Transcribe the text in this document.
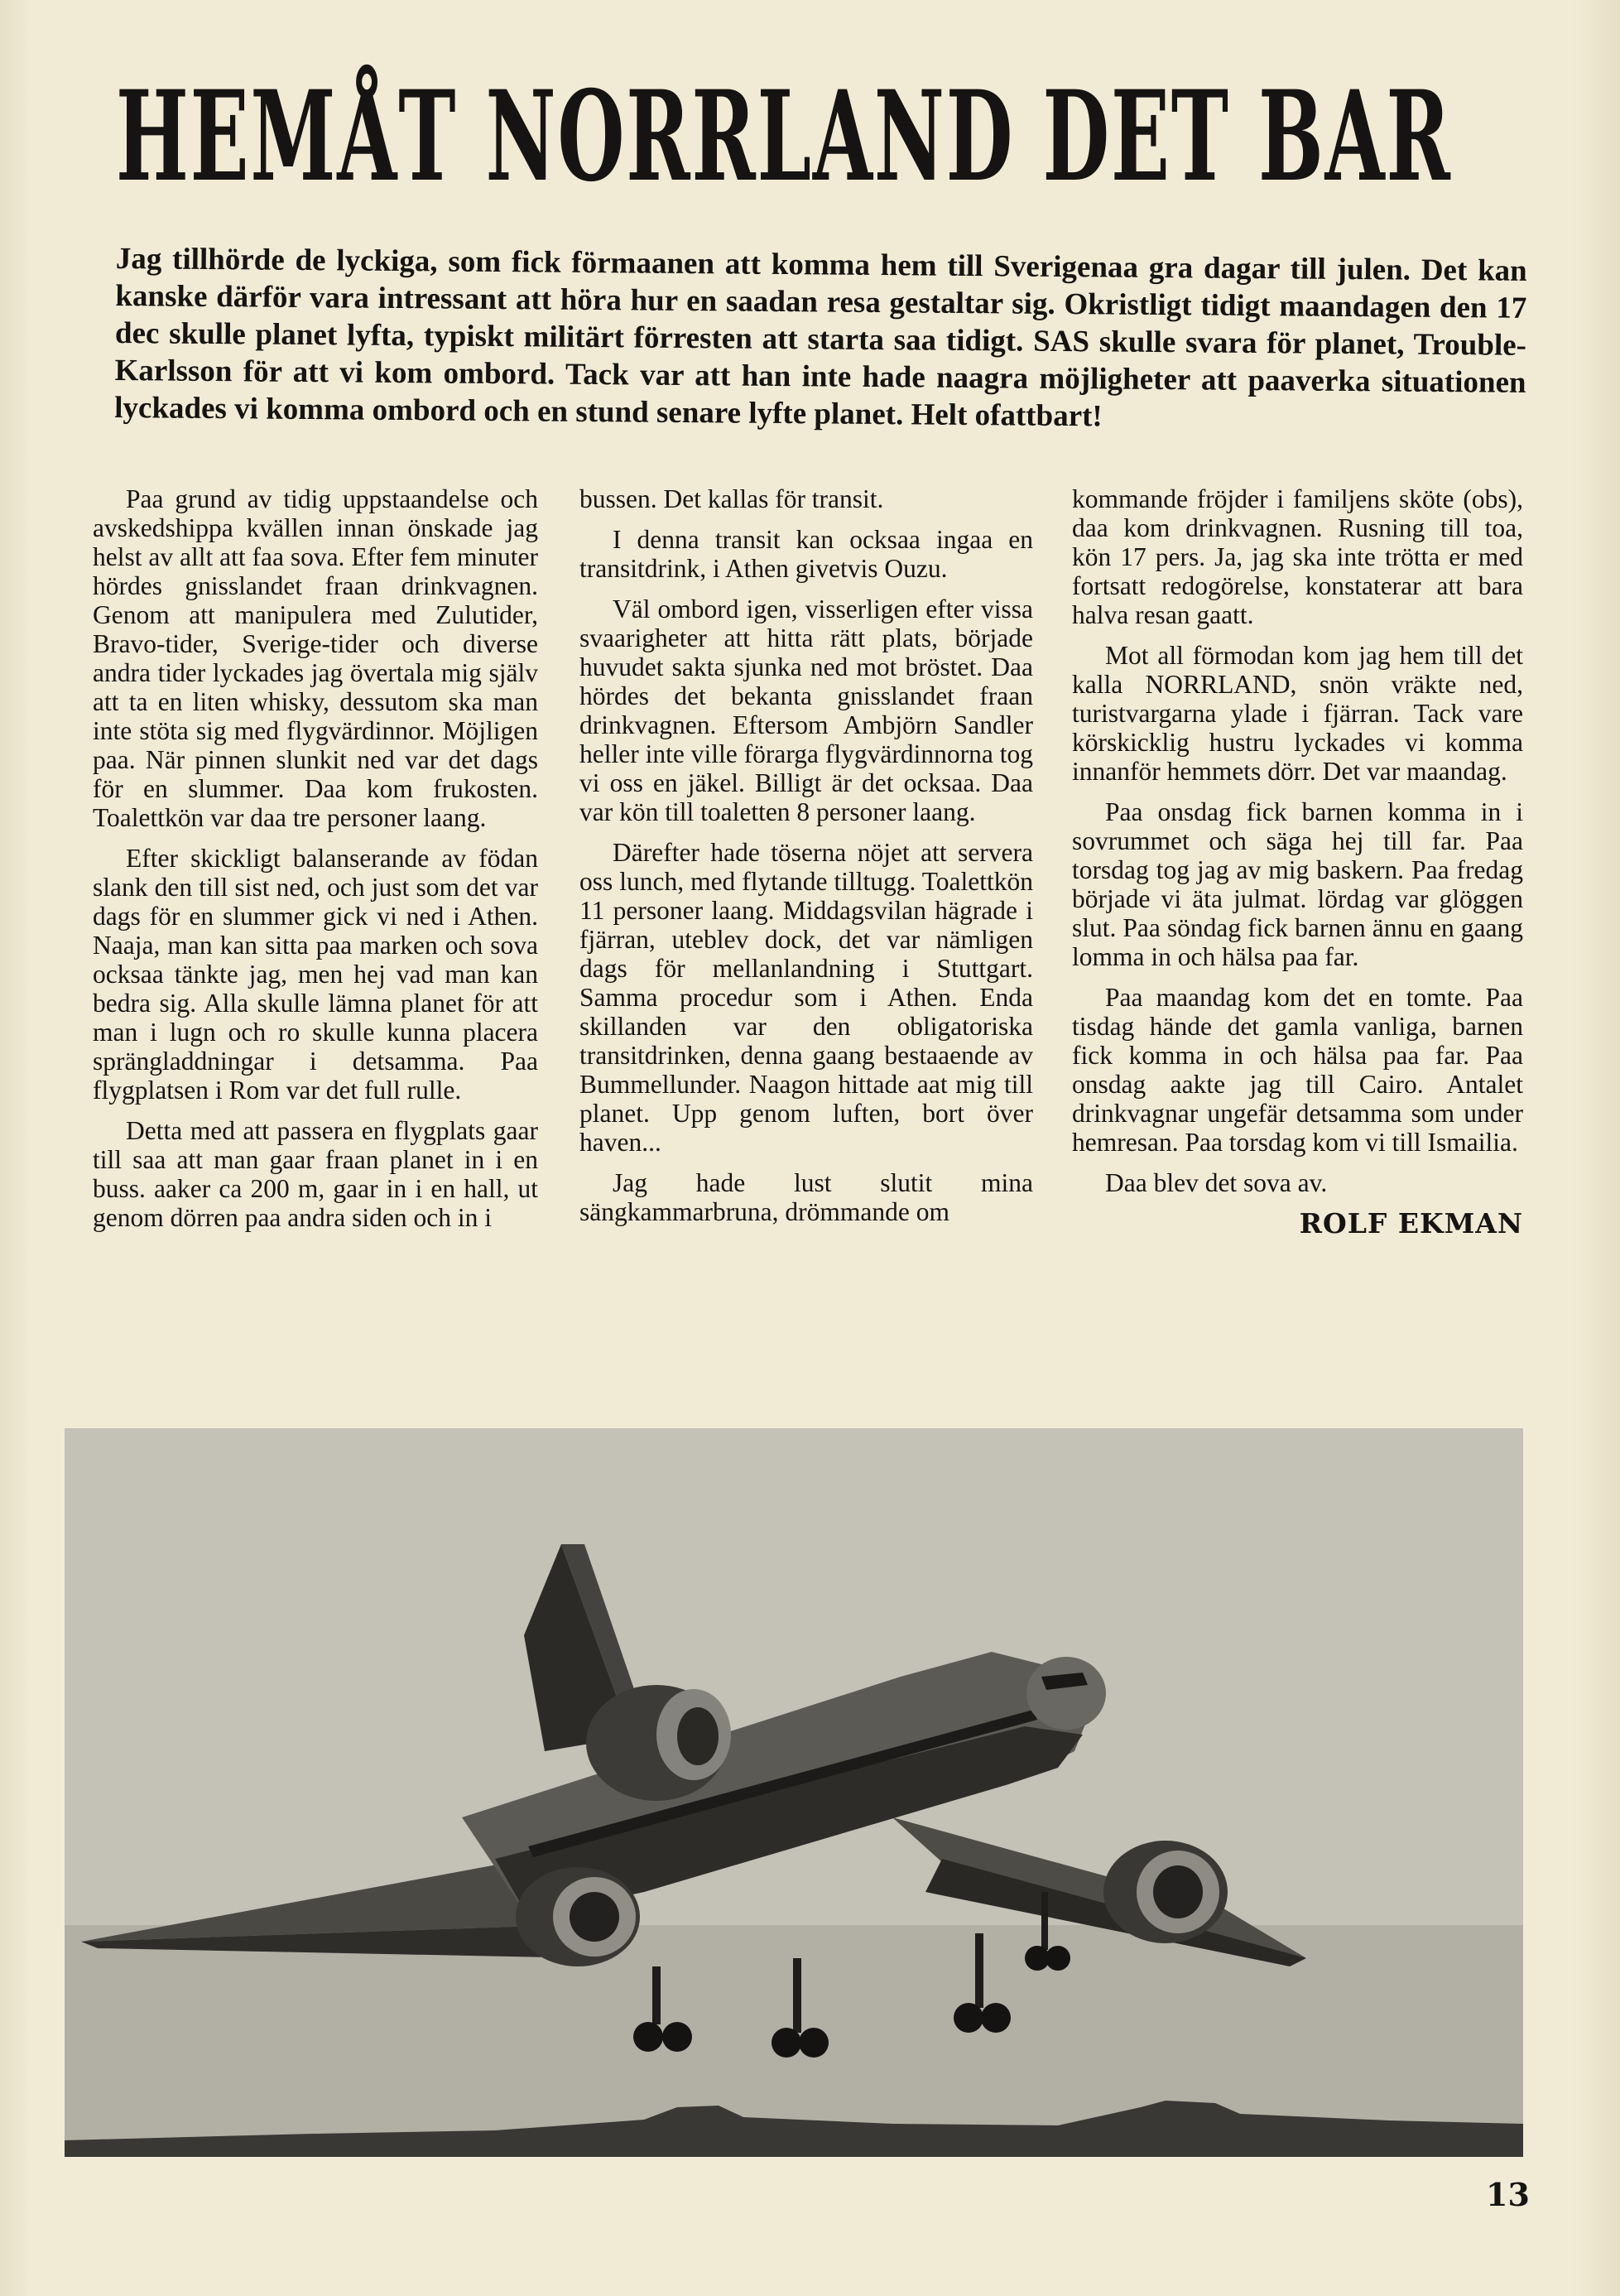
HEMÅT NORRLAND DET BAR

Jag tillhörde de lyckiga, som fick förmaanen att komma hem till Sverigenaa gra dagar till julen. Det kan kanske därför vara intressant att höra hur en saadan resa gestaltar sig. Okristligt tidigt maandagen den 17 dec skulle planet lyfta, typiskt militärt förresten att starta saa tidigt. SAS skulle svara för planet, Trouble-Karlsson för att vi kom ombord. Tack var att han inte hade naagra möjligheter att paaverka situationen lyckades vi komma ombord och en stund senare lyfte planet. Helt ofattbart!

Paa grund av tidig uppstaandelse och avskedshippa kvällen innan önskade jag helst av allt att faa sova. Efter fem minuter hördes gnisslandet fraan drinkvagnen. Genom att manipulera med Zulutider, Bravo-tider, Sverige-tider och diverse andra tider lyckades jag övertala mig själv att ta en liten whisky, dessutom ska man inte stöta sig med flygvärdinnor. Möjligen paa. När pinnen slunkit ned var det dags för en slummer. Daa kom frukosten. Toalettkön var daa tre personer laang.

Efter skickligt balanserande av födan slank den till sist ned, och just som det var dags för en slummer gick vi ned i Athen. Naaja, man kan sitta paa marken och sova ocksaa tänkte jag, men hej vad man kan bedra sig. Alla skulle lämna planet för att man i lugn och ro skulle kunna placera sprängladdningar i detsamma. Paa flygplatsen i Rom var det full rulle.

Detta med att passera en flygplats gaar till saa att man gaar fraan planet in i en buss. aaker ca 200 m, gaar in i en hall, ut genom dörren paa andra siden och in i

bussen. Det kallas för transit.

I denna transit kan ocksaa ingaa en transitdrink, i Athen givetvis Ouzu.

Väl ombord igen, visserligen efter vissa svaarigheter att hitta rätt plats, började huvudet sakta sjunka ned mot bröstet. Daa hördes det bekanta gnisslandet fraan drinkvagnen. Eftersom Ambjörn Sandler heller inte ville förarga flygvärdinnorna tog vi oss en jäkel. Billigt är det ocksaa. Daa var kön till toaletten 8 personer laang.

Därefter hade töserna nöjet att servera oss lunch, med flytande tilltugg. Toalettkön 11 personer laang. Middagsvilan hägrade i fjärran, uteblev dock, det var nämligen dags för mellanlandning i Stuttgart. Samma procedur som i Athen. Enda skillanden var den obligatoriska transitdrinken, denna gaang bestaaende av Bummellunder. Naagon hittade aat mig till planet. Upp genom luften, bort över haven...

Jag hade lust slutit mina sängkammarbruna, drömmande om

kommande fröjder i familjens sköte (obs), daa kom drinkvagnen. Rusning till toa, kön 17 pers. Ja, jag ska inte trötta er med fortsatt redogörelse, konstaterar att bara halva resan gaatt.

Mot all förmodan kom jag hem till det kalla NORRLAND, snön vräkte ned, turistvargarna ylade i fjärran. Tack vare körskicklig hustru lyckades vi komma innanför hemmets dörr. Det var maandag.

Paa onsdag fick barnen komma in i sovrummet och säga hej till far. Paa torsdag tog jag av mig baskern. Paa fredag började vi äta julmat. lördag var glöggen slut. Paa söndag fick barnen ännu en gaang lomma in och hälsa paa far.

Paa maandag kom det en tomte. Paa tisdag hände det gamla vanliga, barnen fick komma in och hälsa paa far. Paa onsdag aakte jag till Cairo. Antalet drinkvagnar ungefär detsamma som under hemresan. Paa torsdag kom vi till Ismailia.

Daa blev det sova av.

ROLF EKMAN
13
